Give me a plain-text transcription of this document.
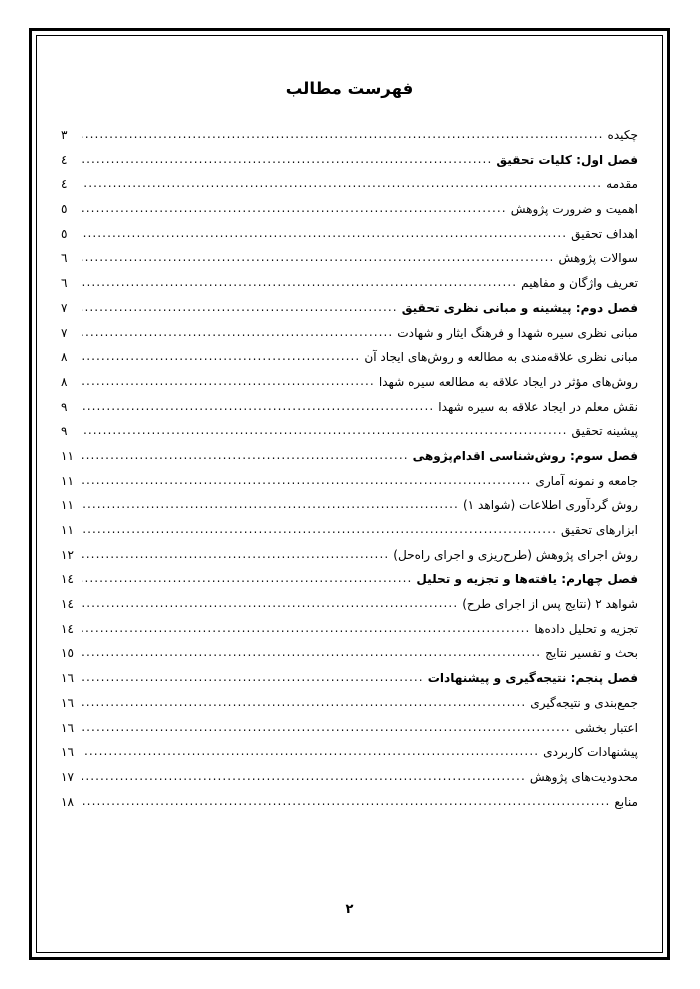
فهرست مطالب
چکیده
.....
۳
فصل اول: کلیات تحقیق
.....
٤
مقدمه
.....
٤
اهمیت و ضرورت پژوهش
.....
٥
اهداف تحقیق
.....
٥
سوالات پژوهش
.....
٦
تعریف واژگان و مفاهیم
.....
٦
فصل دوم: پیشینه و مبانی نظری تحقیق
.....
۷
مبانی نظری سیره شهدا و فرهنگ ایثار و شهادت
.....
۷
مبانی نظری علاقه‌مندی به مطالعه و روش‌های ایجاد آن
.....
۸
روش‌های مؤثر در ایجاد علاقه به مطالعه سیره شهدا
.....
۸
نقش معلم در ایجاد علاقه به سیره شهدا
.....
۹
پیشینه تحقیق
.....
۹
فصل سوم: روش‌شناسی اقدام‌پژوهی
.....
۱۱
جامعه و نمونه آماری
.....
۱۱
روش گردآوری اطلاعات (شواهد ۱)
.....
۱۱
ابزارهای تحقیق
.....
۱۱
روش اجرای پژوهش (طرح‌ریزی و اجرای راه‌حل)
.....
۱۲
فصل چهارم: یافته‌ها و تجزیه و تحلیل
.....
۱٤
شواهد ۲ (نتایج پس از اجرای طرح)
.....
۱٤
تجزیه و تحلیل داده‌ها
.....
۱٤
بحث و تفسیر نتایج
.....
۱٥
فصل پنجم: نتیجه‌گیری و پیشنهادات
.....
۱٦
جمع‌بندی و نتیجه‌گیری
.....
۱٦
اعتبار بخشی
.....
۱٦
پیشنهادات کاربردی
.....
۱٦
محدودیت‌های پژوهش
.....
۱۷
منابع
.....
۱۸
۲
